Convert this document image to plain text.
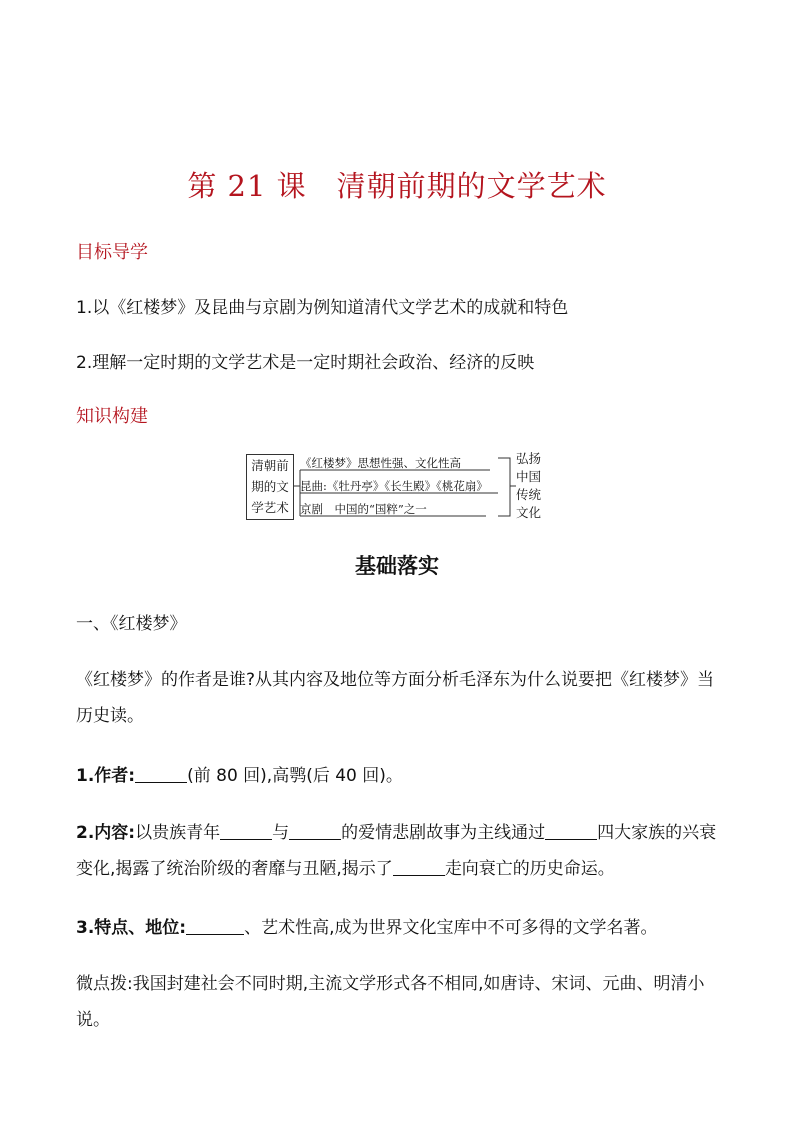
第 21 课　清朝前期的文学艺术
目标导学
1.以《红楼梦》及昆曲与京剧为例知道清代文学艺术的成就和特色
2.理解一定时期的文学艺术是一定时期社会政治、经济的反映
知识构建
清朝前
期的文
学艺术
《红楼梦》思想性强、文化性高
昆曲:《牡丹亭》《长生殿》《桃花扇》
京剧　中国的“国粹”之一
弘扬
中国
传统
文化
基础落实
一、《红楼梦》
《红楼梦》的作者是谁?从其内容及地位等方面分析毛泽东为什么说要把《红楼梦》当历史读。
1.作者:	(前 80 回),高鹗(后 40 回)。
2.内容:以贵族青年	与	的爱情悲剧故事为主线通过	四大家族的兴衰变化,揭露了统治阶级的奢靡与丑陋,揭示了	走向衰亡的历史命运。
3.特点、地位:	、艺术性高,成为世界文化宝库中不可多得的文学名著。
微点拨:我国封建社会不同时期,主流文学形式各不相同,如唐诗、宋词、元曲、明清小说。
